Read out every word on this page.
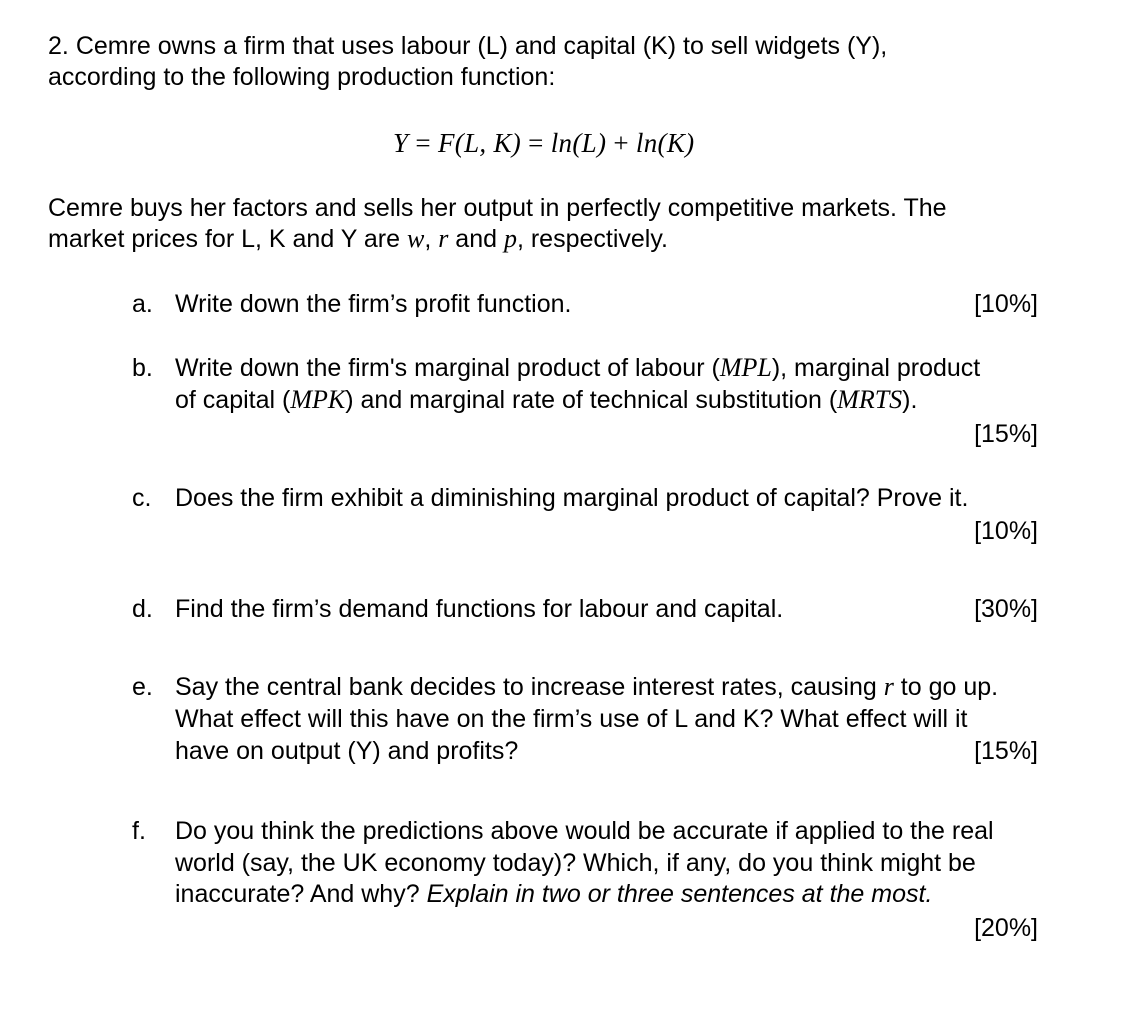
2. Cemre owns a firm that uses labour (L) and capital (K) to sell widgets (Y),
according to the following production function:
Y = F(L, K) = ln(L) + ln(K)
Cemre buys her factors and sells her output in perfectly competitive markets. The
market prices for L, K and Y are w, r and p, respectively.
a. Write down the firm’s profit function.	[10%]
b. Write down the firm's marginal product of labour (MPL), marginal product
of capital (MPK) and marginal rate of technical substitution (MRTS).
[15%]
c. Does the firm exhibit a diminishing marginal product of capital? Prove it.
[10%]
d. Find the firm’s demand functions for labour and capital.	[30%]
e. Say the central bank decides to increase interest rates, causing r to go up.
What effect will this have on the firm’s use of L and K? What effect will it
have on output (Y) and profits?	[15%]
f. Do you think the predictions above would be accurate if applied to the real
world (say, the UK economy today)? Which, if any, do you think might be
inaccurate? And why? Explain in two or three sentences at the most.
[20%]
